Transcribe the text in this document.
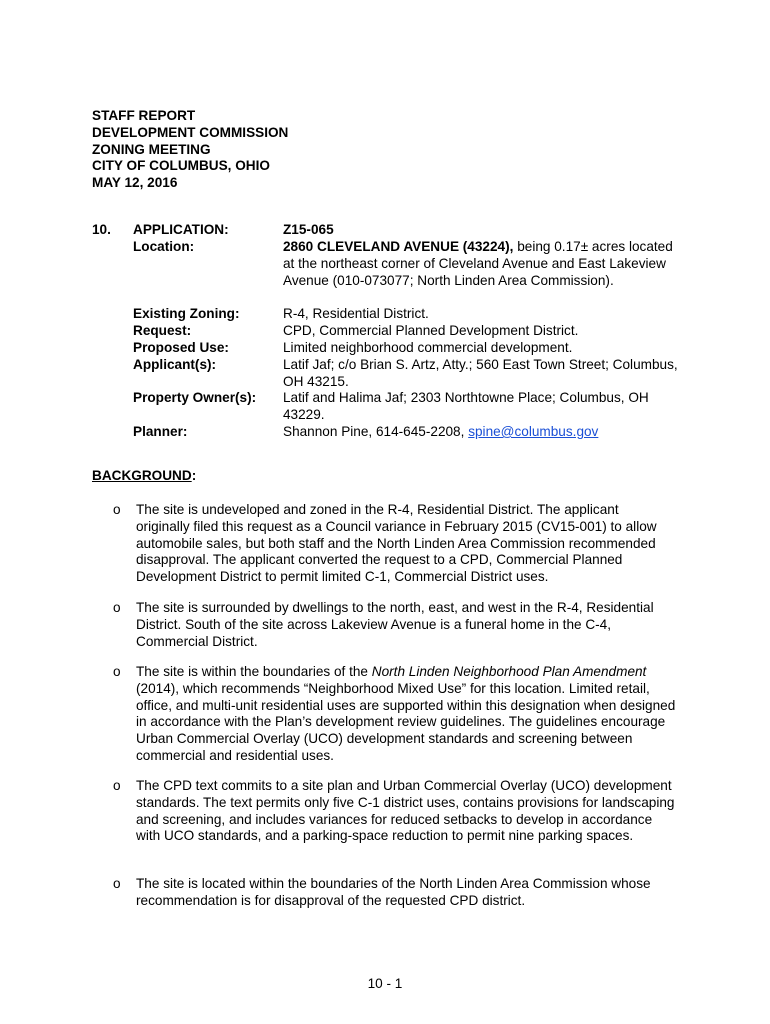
STAFF REPORT
DEVELOPMENT COMMISSION
ZONING MEETING
CITY OF COLUMBUS, OHIO
MAY 12, 2016
10. APPLICATION:	Z15-065
Location:	2860 CLEVELAND AVENUE (43224), being 0.17± acres located at the northeast corner of Cleveland Avenue and East Lakeview Avenue (010-073077; North Linden Area Commission).
Existing Zoning:	R-4, Residential District.
Request:	CPD, Commercial Planned Development District.
Proposed Use:	Limited neighborhood commercial development.
Applicant(s):	Latif Jaf; c/o Brian S. Artz, Atty.; 560 East Town Street; Columbus, OH 43215.
Property Owner(s): Latif and Halima Jaf; 2303 Northtowne Place; Columbus, OH 43229.
Planner:	Shannon Pine, 614-645-2208, spine@columbus.gov
BACKGROUND:
o The site is undeveloped and zoned in the R-4, Residential District. The applicant originally filed this request as a Council variance in February 2015 (CV15-001) to allow automobile sales, but both staff and the North Linden Area Commission recommended disapproval. The applicant converted the request to a CPD, Commercial Planned Development District to permit limited C-1, Commercial District uses.
o The site is surrounded by dwellings to the north, east, and west in the R-4, Residential District. South of the site across Lakeview Avenue is a funeral home in the C-4, Commercial District.
o The site is within the boundaries of the North Linden Neighborhood Plan Amendment (2014), which recommends “Neighborhood Mixed Use” for this location. Limited retail, office, and multi-unit residential uses are supported within this designation when designed in accordance with the Plan’s development review guidelines. The guidelines encourage Urban Commercial Overlay (UCO) development standards and screening between commercial and residential uses.
o The CPD text commits to a site plan and Urban Commercial Overlay (UCO) development standards. The text permits only five C-1 district uses, contains provisions for landscaping and screening, and includes variances for reduced setbacks to develop in accordance with UCO standards, and a parking-space reduction to permit nine parking spaces.
o The site is located within the boundaries of the North Linden Area Commission whose recommendation is for disapproval of the requested CPD district.
10 - 1
